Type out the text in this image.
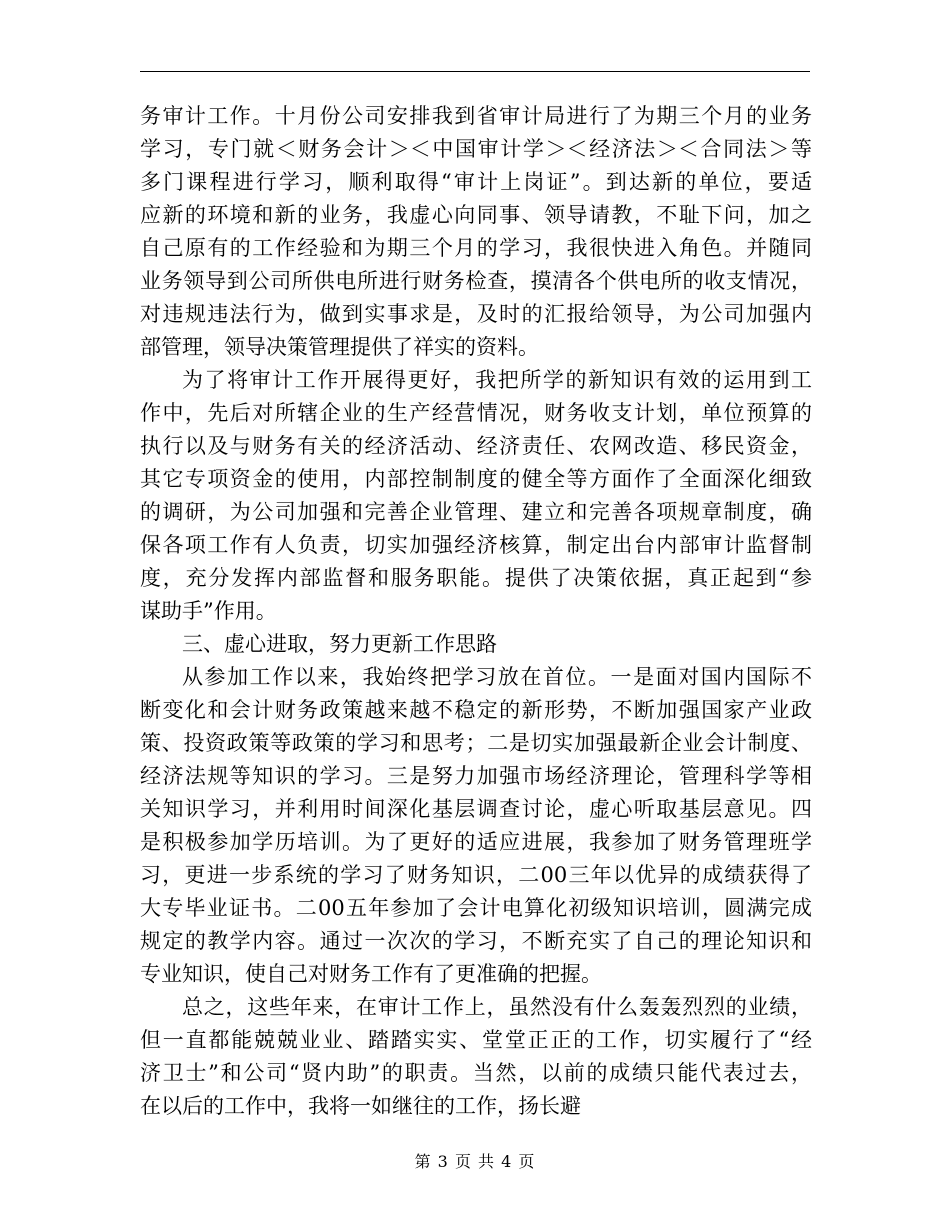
务审计工作。十月份公司安排我到省审计局进行了为期三个月的业务
学习，专门就＜财务会计＞＜中国审计学＞＜经济法＞＜合同法＞等
多门课程进行学习，顺利取得“审计上岗证”。到达新的单位，要适
应新的环境和新的业务，我虚心向同事、领导请教，不耻下问，加之
自己原有的工作经验和为期三个月的学习，我很快进入角色。并随同
业务领导到公司所供电所进行财务检查，摸清各个供电所的收支情况，
对违规违法行为，做到实事求是，及时的汇报给领导，为公司加强内
部管理，领导决策管理提供了祥实的资料。
为了将审计工作开展得更好，我把所学的新知识有效的运用到工
作中，先后对所辖企业的生产经营情况，财务收支计划，单位预算的
执行以及与财务有关的经济活动、经济责任、农网改造、移民资金，
其它专项资金的使用，内部控制制度的健全等方面作了全面深化细致
的调研，为公司加强和完善企业管理、建立和完善各项规章制度，确
保各项工作有人负责，切实加强经济核算，制定出台内部审计监督制
度，充分发挥内部监督和服务职能。提供了决策依据，真正起到“参
谋助手”作用。
三、虚心进取，努力更新工作思路
从参加工作以来，我始终把学习放在首位。一是面对国内国际不
断变化和会计财务政策越来越不稳定的新形势，不断加强国家产业政
策、投资政策等政策的学习和思考；二是切实加强最新企业会计制度、
经济法规等知识的学习。三是努力加强市场经济理论，管理科学等相
关知识学习，并利用时间深化基层调查讨论，虚心听取基层意见。四
是积极参加学历培训。为了更好的适应进展，我参加了财务管理班学
习，更进一步系统的学习了财务知识，二00三年以优异的成绩获得了
大专毕业证书。二00五年参加了会计电算化初级知识培训，圆满完成
规定的教学内容。通过一次次的学习，不断充实了自己的理论知识和
专业知识，使自己对财务工作有了更准确的把握。
总之，这些年来，在审计工作上，虽然没有什么轰轰烈烈的业绩，
但一直都能兢兢业业、踏踏实实、堂堂正正的工作，切实履行了“经
济卫士”和公司“贤内助”的职责。当然，以前的成绩只能代表过去，
在以后的工作中，我将一如继往的工作，扬长避
第 3 页 共 4 页
